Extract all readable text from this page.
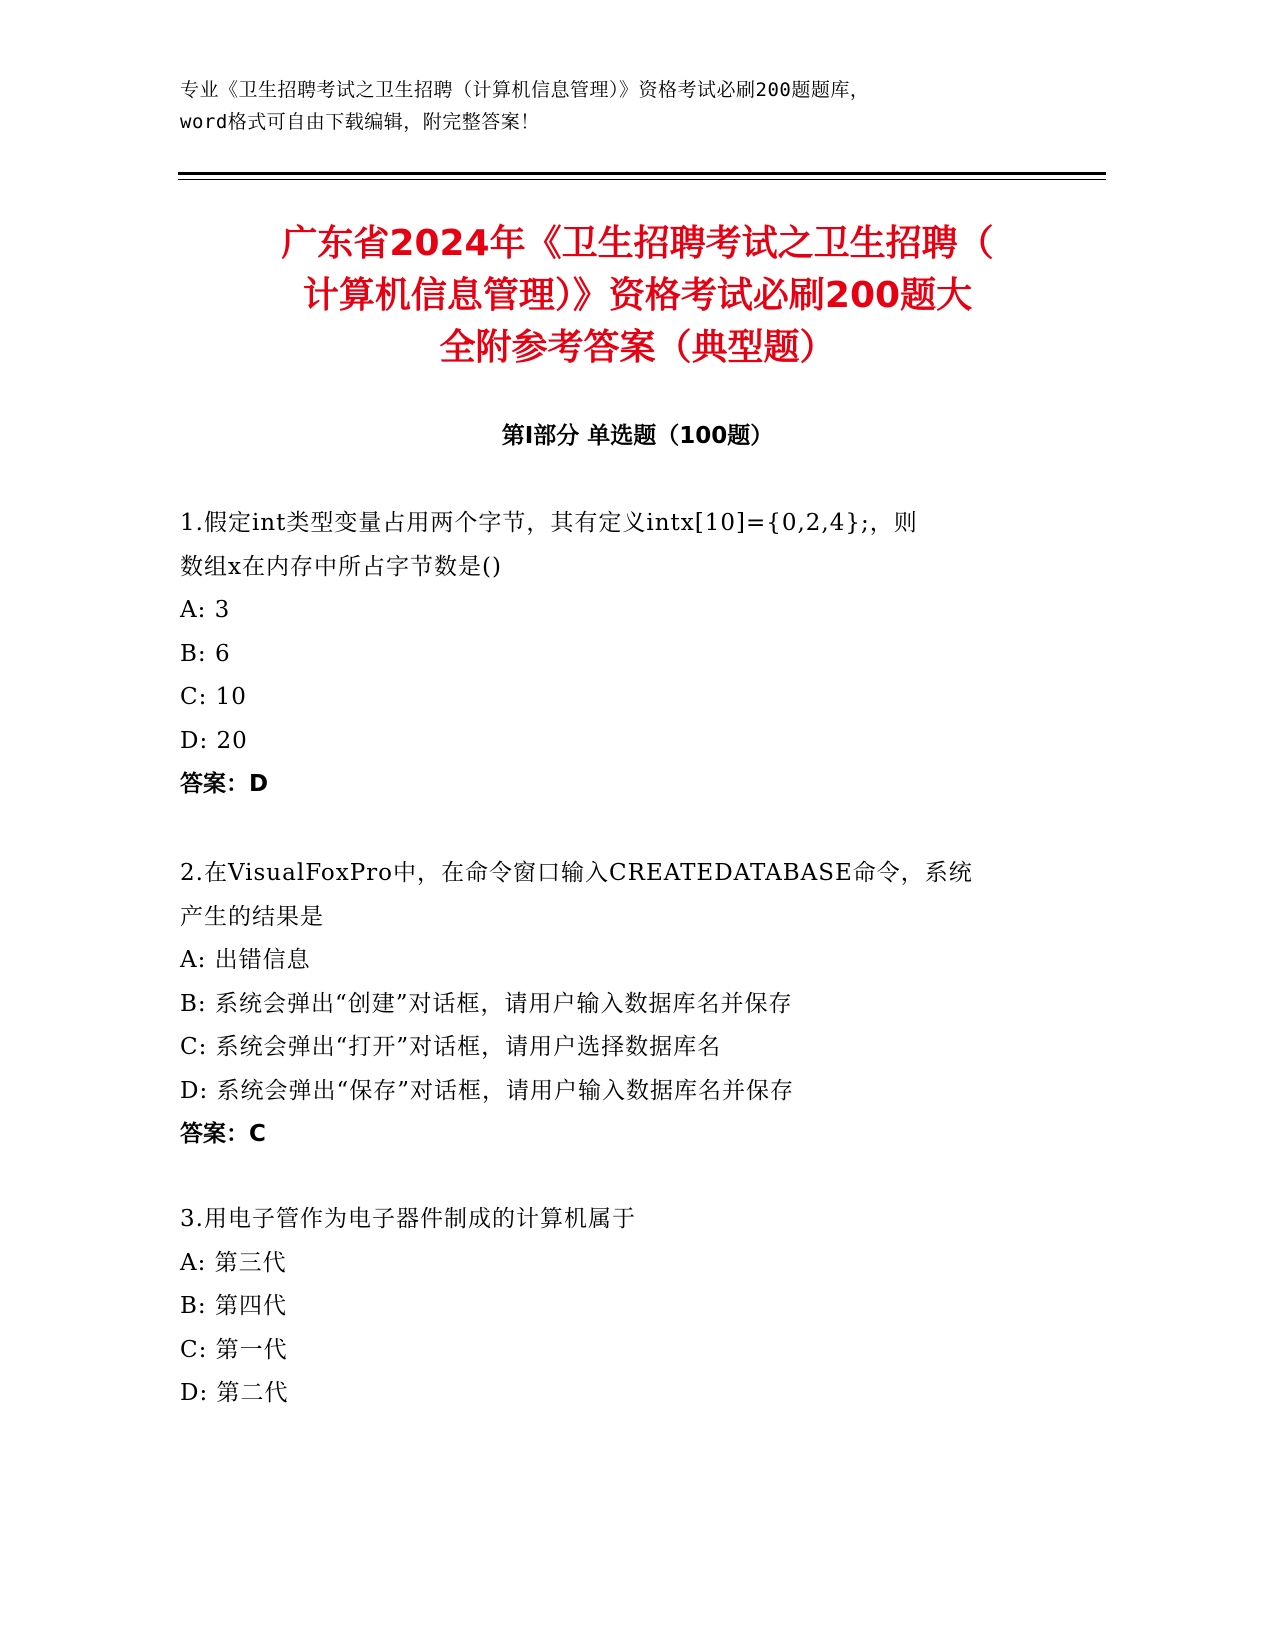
专业《卫生招聘考试之卫生招聘（计算机信息管理）》资格考试必刷200题题库，
word格式可自由下载编辑，附完整答案！
广东省2024年《卫生招聘考试之卫生招聘（
计算机信息管理）》资格考试必刷200题大
全附参考答案（典型题）
第Ⅰ部分 单选题（100题）
1.假定int类型变量占用两个字节，其有定义intx[10]={0,2,4};，则
数组x在内存中所占字节数是()
A: 3
B: 6
C: 10
D: 20
答案：D
2.在VisualFoxPro中，在命令窗口输入CREATEDATABASE命令，系统
产生的结果是
A: 出错信息
B: 系统会弹出“创建”对话框，请用户输入数据库名并保存
C: 系统会弹出“打开”对话框，请用户选择数据库名
D: 系统会弹出“保存”对话框，请用户输入数据库名并保存
答案：C
3.用电子管作为电子器件制成的计算机属于
A: 第三代
B: 第四代
C: 第一代
D: 第二代
